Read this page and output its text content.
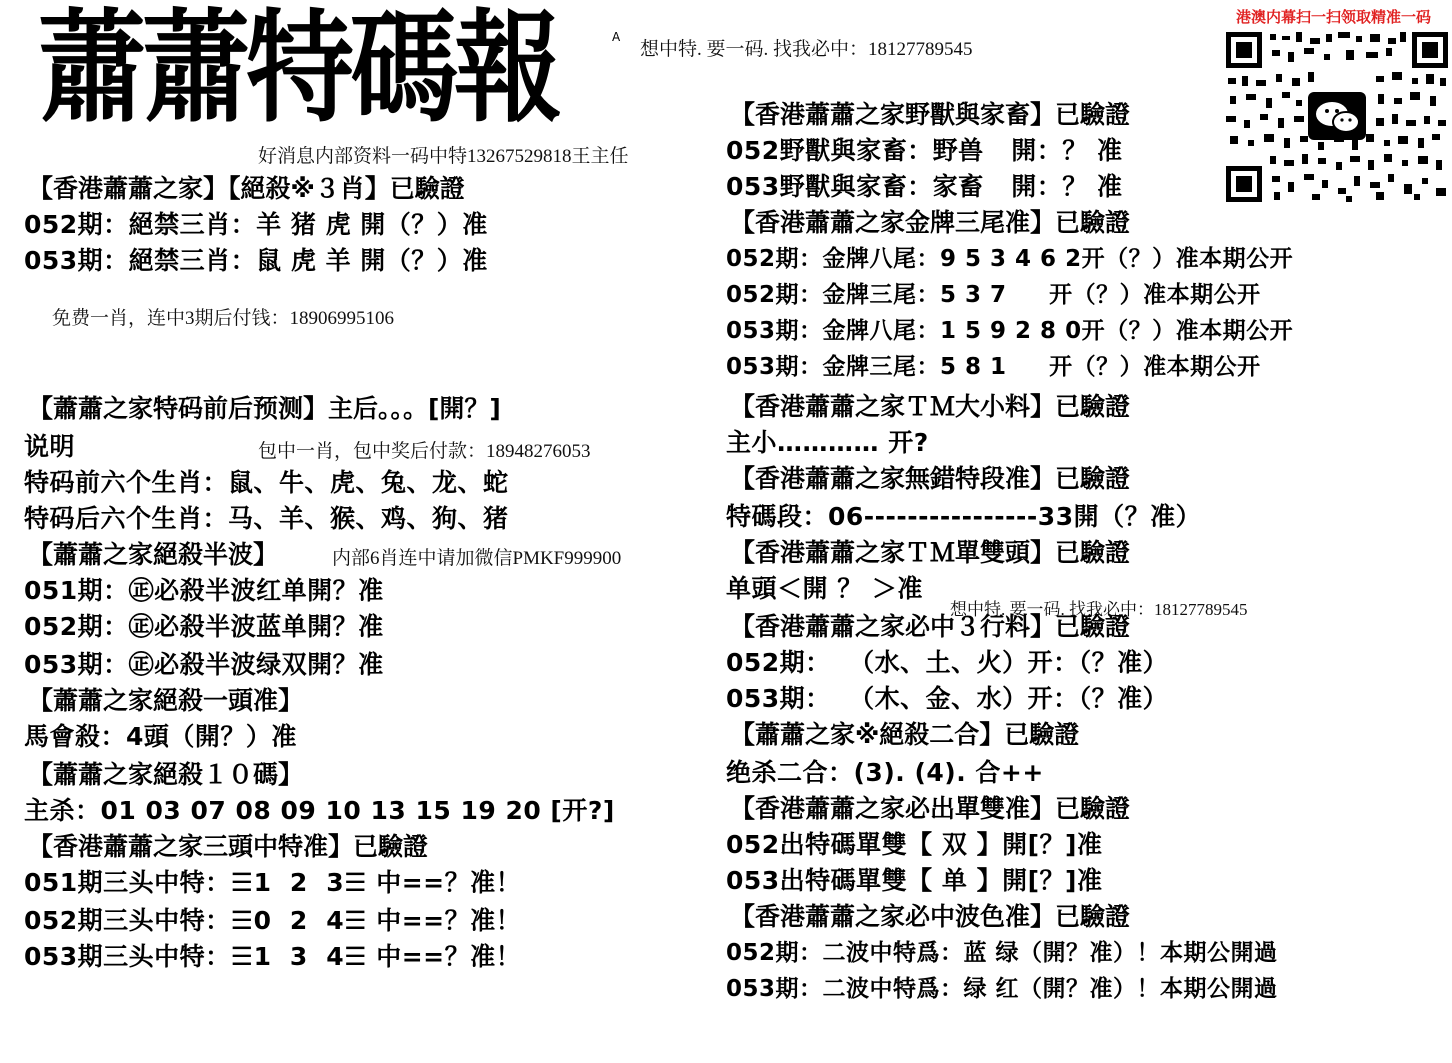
蕭蕭特碼報	A
想中特. 要一码. 找我必中：18127789545
好消息内部资料一码中特13267529818王主任
港澳内幕扫一扫领取精准一码
【香港蕭蕭之家】【絕殺※３肖】已驗證
052期：絕禁三肖：羊 猪 虎 開（？）准
053期：絕禁三肖：鼠 虎 羊 開（？）准
免费一肖，连中3期后付钱：18906995106
【蕭蕭之家特码前后预测】主后。。。[開？]
说明	包中一肖，包中奖后付款：18948276053
特码前六个生肖：鼠、牛、虎、兔、龙、蛇
特码后六个生肖：马、羊、猴、鸡、狗、猪
【蕭蕭之家絕殺半波】	内部6肖连中请加微信PMKF999900
051期：㊣必殺半波红单開？准
052期：㊣必殺半波蓝单開？准
053期：㊣必殺半波绿双開？准
【蕭蕭之家絕殺一頭准】
馬會殺：4頭（開？）准
【蕭蕭之家絕殺１０碼】
主杀：01 03 07 08 09 10 13 15 19 20 [开?]
【香港蕭蕭之家三頭中特准】已驗證
051期三头中特：☰1  2  3☰ 中==？准！
052期三头中特：☰0  2  4☰ 中==？准！
053期三头中特：☰1  3  4☰ 中==？准！
【香港蕭蕭之家野獸與家畜】已驗證
052野獸與家畜：野兽   開：？ 准
053野獸與家畜：家畜   開：？ 准
【香港蕭蕭之家金牌三尾准】已驗證
052期：金牌八尾：9 5 3 4 6 2开（？）准本期公开
052期：金牌三尾：5 3 7     开（？）准本期公开
053期：金牌八尾：1 5 9 2 8 0开（？）准本期公开
053期：金牌三尾：5 8 1     开（？）准本期公开
【香港蕭蕭之家ＴＭ大小料】已驗證
主小………… 开?
【香港蕭蕭之家無錯特段准】已驗證
特碼段：06----------------33開（？准）
【香港蕭蕭之家ＴＭ單雙頭】已驗證
单頭＜開 ？ ＞准
想中特. 要一码. 找我必中：18127789545
【香港蕭蕭之家必中３行料】已驗證
052期：  （水、土、火）开：（？准）
053期：  （木、金、水）开：（？准）
【蕭蕭之家※絕殺二合】已驗證
绝杀二合：(3). (4). 合++
【香港蕭蕭之家必出單雙准】已驗證
052出特碼單雙【 双 】開[？]准
053出特碼單雙【 单 】開[？]准
【香港蕭蕭之家必中波色准】已驗證
052期：二波中特爲：蓝 绿（開？准）！本期公開過
053期：二波中特爲：绿 红（開？准）！本期公開過
